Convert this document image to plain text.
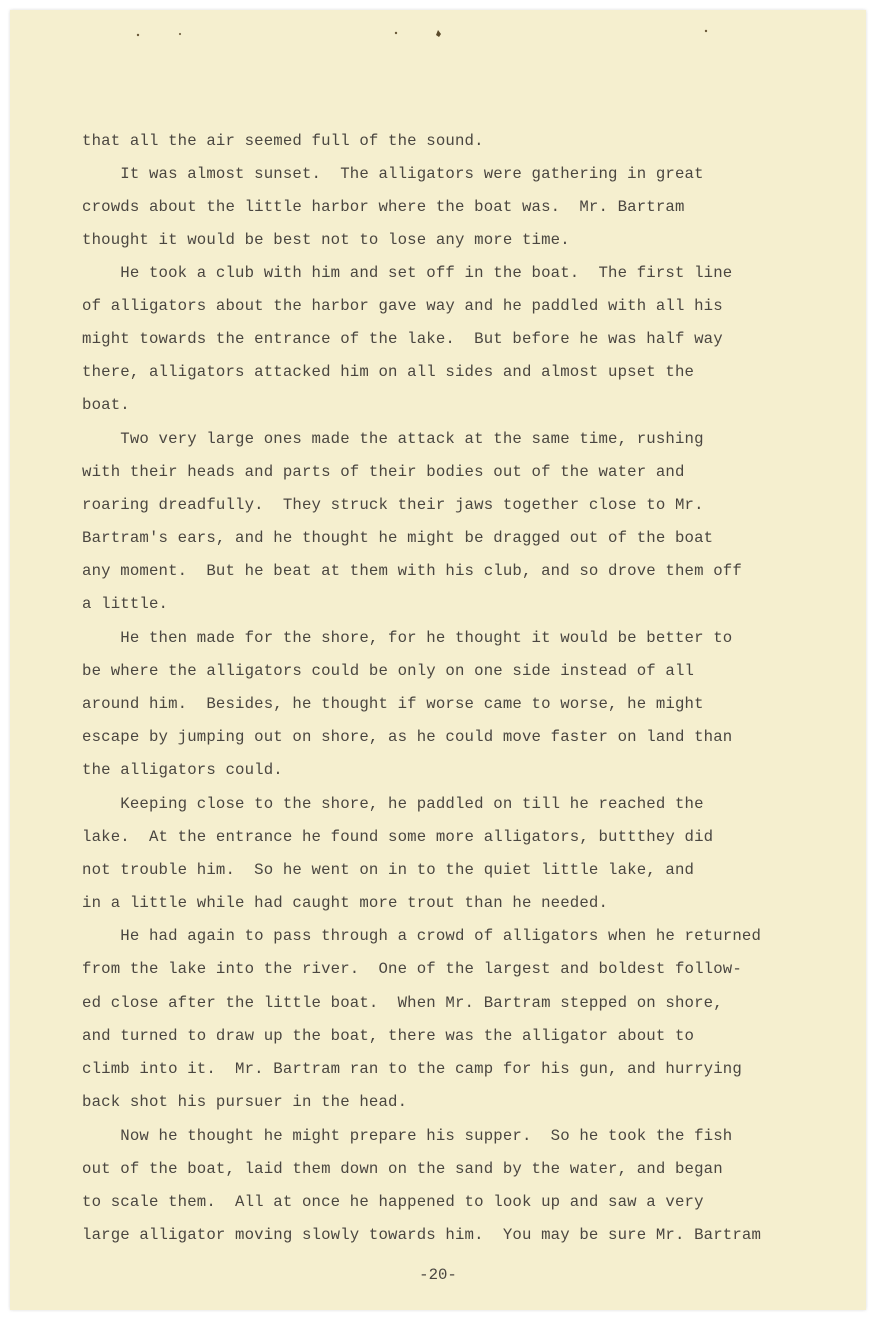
that all the air seemed full of the sound.

It was almost sunset.  The alligators were gathering in great

crowds about the little harbor where the boat was.  Mr. Bartram

thought it would be best not to lose any more time.

He took a club with him and set off in the boat.  The first line

of alligators about the harbor gave way and he paddled with all his

might towards the entrance of the lake.  But before he was half way

there, alligators attacked him on all sides and almost upset the

boat.

Two very large ones made the attack at the same time, rushing

with their heads and parts of their bodies out of the water and

roaring dreadfully.  They struck their jaws together close to Mr.

Bartram's ears, and he thought he might be dragged out of the boat

any moment.  But he beat at them with his club, and so drove them off

a little.

He then made for the shore, for he thought it would be better to

be where the alligators could be only on one side instead of all

around him.  Besides, he thought if worse came to worse, he might

escape by jumping out on shore, as he could move faster on land than

the alligators could.

Keeping close to the shore, he paddled on till he reached the

lake.  At the entrance he found some more alligators, buttthey did

not trouble him.  So he went on in to the quiet little lake, and

in a little while had caught more trout than he needed.

He had again to pass through a crowd of alligators when he returned

from the lake into the river.  One of the largest and boldest follow-

ed close after the little boat.  When Mr. Bartram stepped on shore,

and turned to draw up the boat, there was the alligator about to

climb into it.  Mr. Bartram ran to the camp for his gun, and hurrying

back shot his pursuer in the head.

Now he thought he might prepare his supper.  So he took the fish

out of the boat, laid them down on the sand by the water, and began

to scale them.  All at once he happened to look up and saw a very

large alligator moving slowly towards him.  You may be sure Mr. Bartram

-20-
